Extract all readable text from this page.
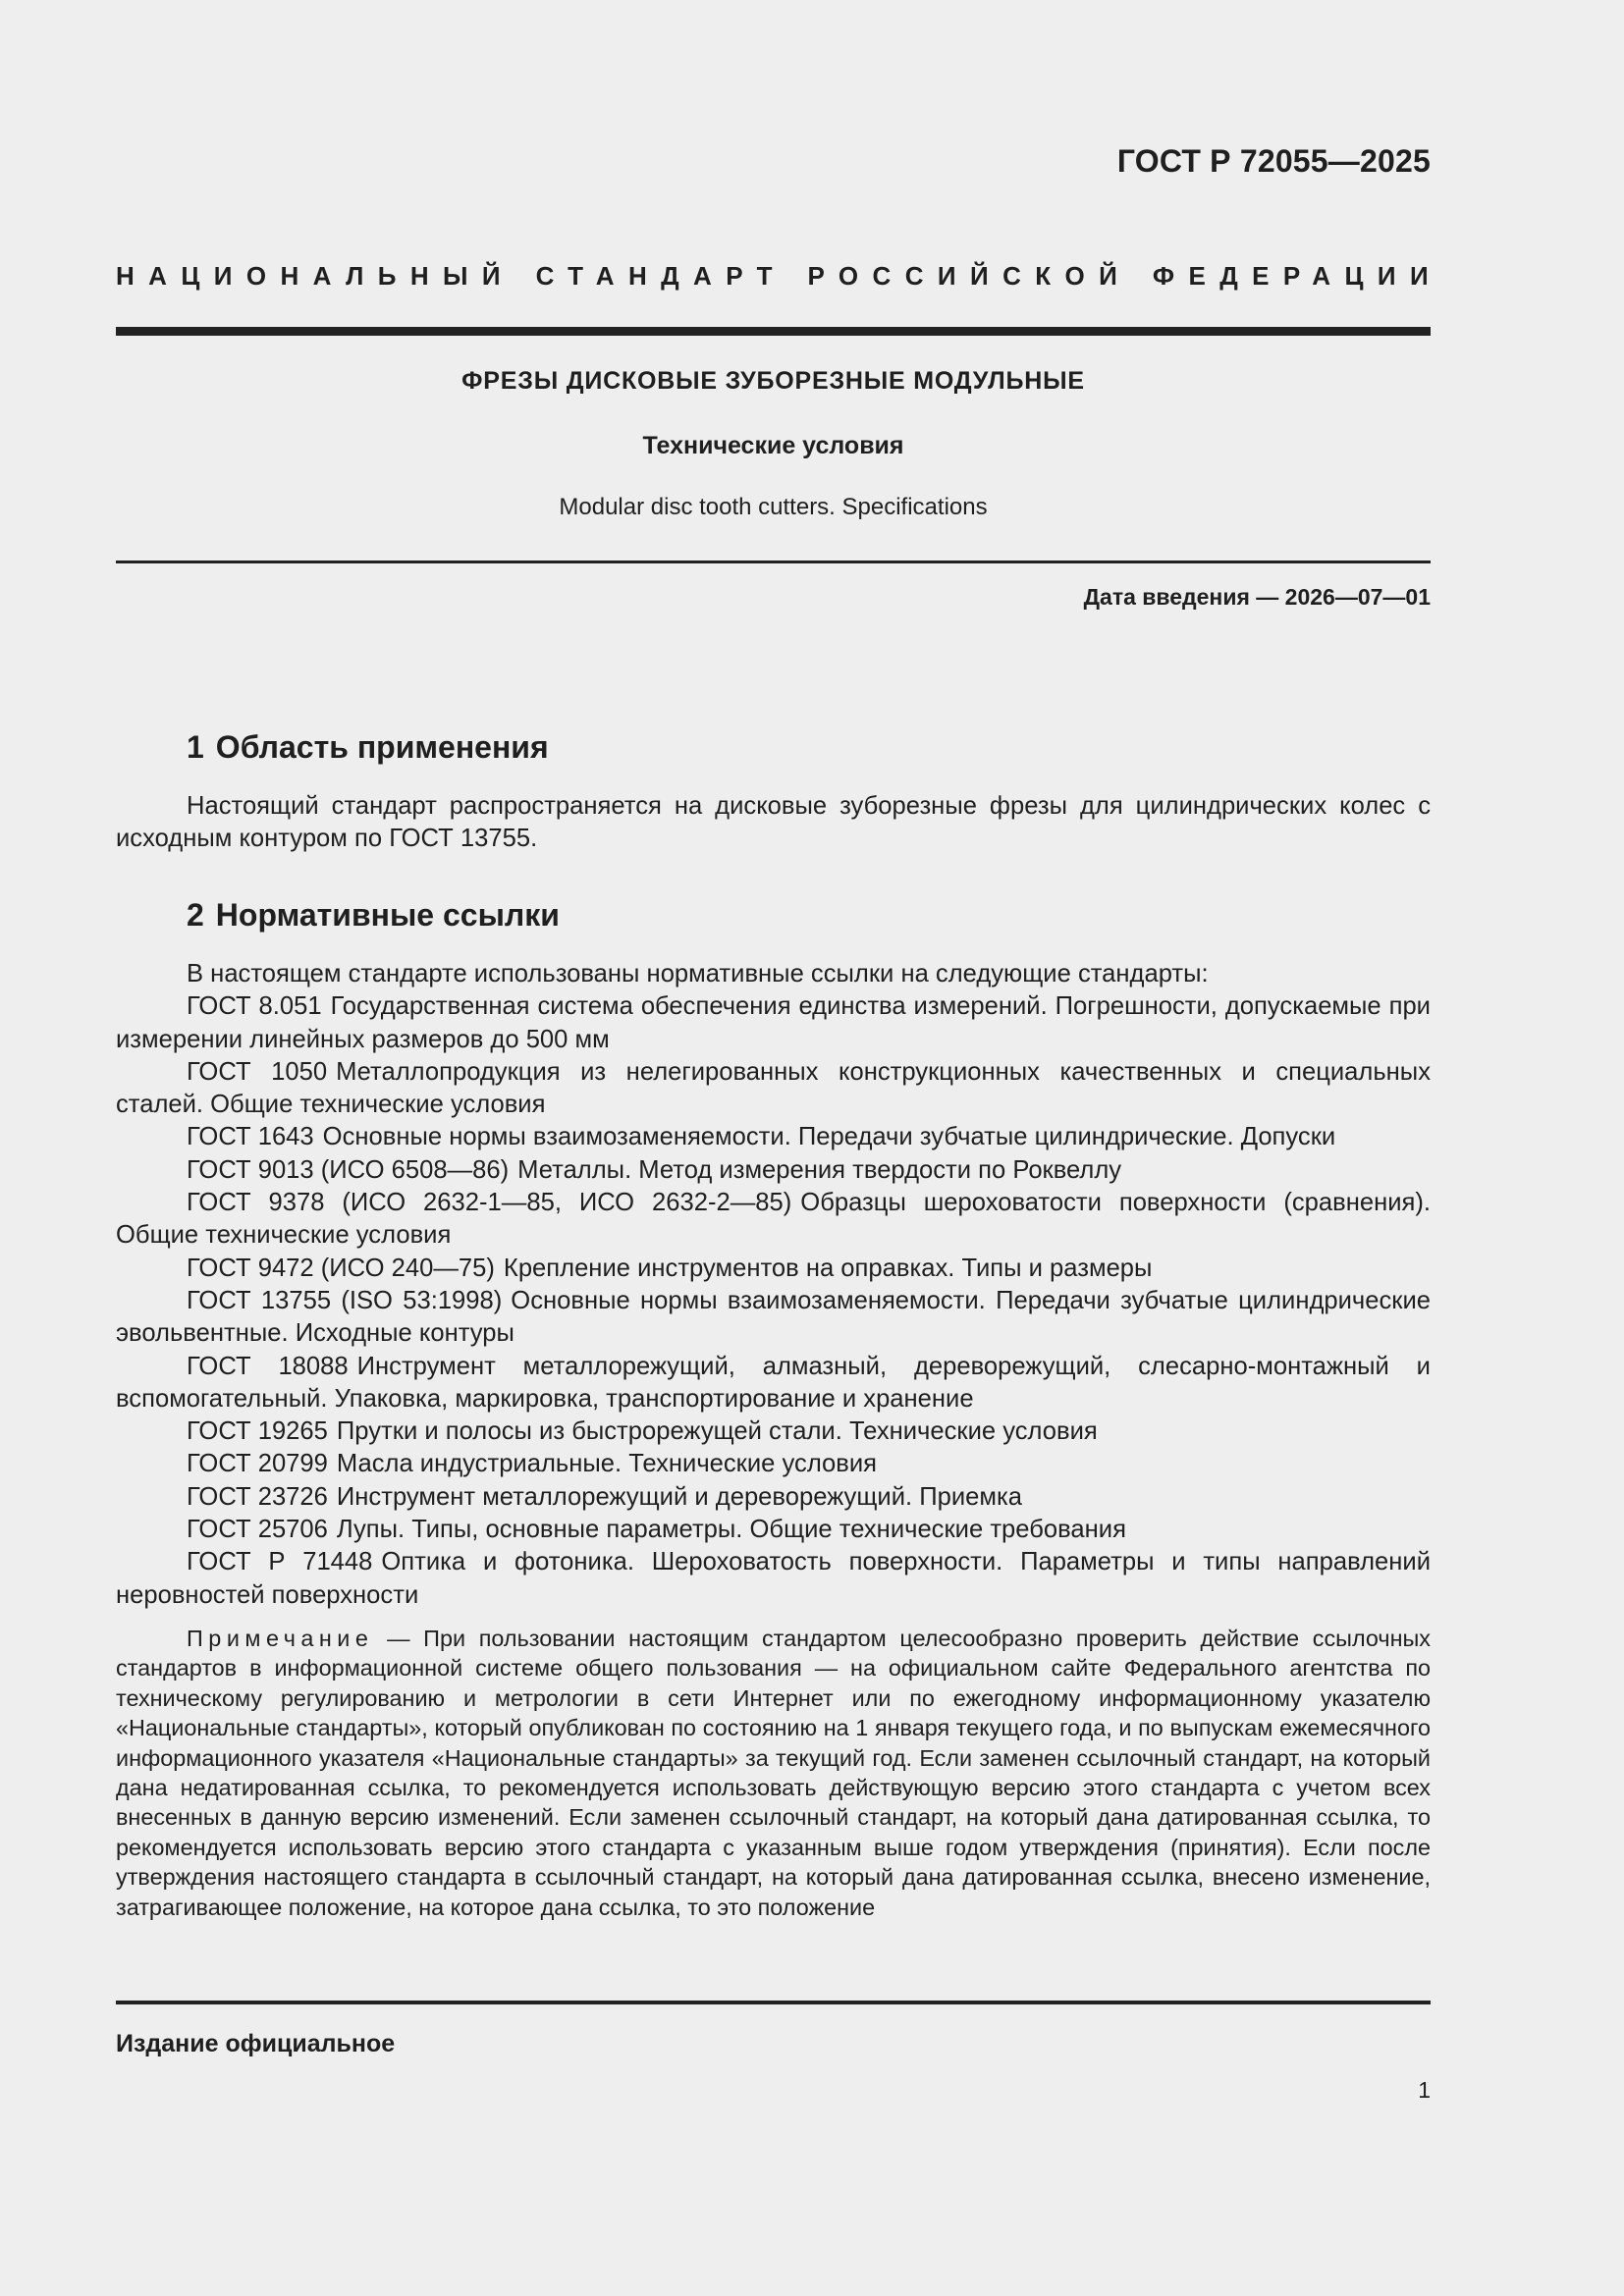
ГОСТ Р 72055—2025
НАЦИОНАЛЬНЫЙ СТАНДАРТ РОССИЙСКОЙ ФЕДЕРАЦИИ
ФРЕЗЫ ДИСКОВЫЕ ЗУБОРЕЗНЫЕ МОДУЛЬНЫЕ
Технические условия
Modular disc tooth cutters. Specifications
Дата введения — 2026—07—01
1 Область применения

Настоящий стандарт распространяется на дисковые зуборезные фрезы для цилиндрических колес с исходным контуром по ГОСТ 13755.

2 Нормативные ссылки

В настоящем стандарте использованы нормативные ссылки на следующие стандарты:

ГОСТ 8.051 Государственная система обеспечения единства измерений. Погрешности, допускаемые при измерении линейных размеров до 500 мм

ГОСТ 1050 Металлопродукция из нелегированных конструкционных качественных и специальных сталей. Общие технические условия

ГОСТ 1643 Основные нормы взаимозаменяемости. Передачи зубчатые цилиндрические. Допуски

ГОСТ 9013 (ИСО 6508—86) Металлы. Метод измерения твердости по Роквеллу

ГОСТ 9378 (ИСО 2632-1—85, ИСО 2632-2—85) Образцы шероховатости поверхности (сравнения). Общие технические условия

ГОСТ 9472 (ИСО 240—75) Крепление инструментов на оправках. Типы и размеры

ГОСТ 13755 (ISO 53:1998) Основные нормы взаимозаменяемости. Передачи зубчатые цилиндрические эвольвентные. Исходные контуры

ГОСТ 18088 Инструмент металлорежущий, алмазный, дереворежущий, слесарно-монтажный и вспомогательный. Упаковка, маркировка, транспортирование и хранение

ГОСТ 19265 Прутки и полосы из быстрорежущей стали. Технические условия

ГОСТ 20799 Масла индустриальные. Технические условия

ГОСТ 23726 Инструмент металлорежущий и дереворежущий. Приемка

ГОСТ 25706 Лупы. Типы, основные параметры. Общие технические требования

ГОСТ Р 71448 Оптика и фотоника. Шероховатость поверхности. Параметры и типы направлений неровностей поверхности

Примечание — При пользовании настоящим стандартом целесообразно проверить действие ссылочных стандартов в информационной системе общего пользования — на официальном сайте Федерального агентства по техническому регулированию и метрологии в сети Интернет или по ежегодному информационному указателю «Национальные стандарты», который опубликован по состоянию на 1 января текущего года, и по выпускам ежемесячного информационного указателя «Национальные стандарты» за текущий год. Если заменен ссылочный стандарт, на который дана недатированная ссылка, то рекомендуется использовать действующую версию этого стандарта с учетом всех внесенных в данную версию изменений. Если заменен ссылочный стандарт, на который дана датированная ссылка, то рекомендуется использовать версию этого стандарта с указанным выше годом утверждения (принятия). Если после утверждения настоящего стандарта в ссылочный стандарт, на который дана датированная ссылка, внесено изменение, затрагивающее положение, на которое дана ссылка, то это положение

Издание официальное
1
